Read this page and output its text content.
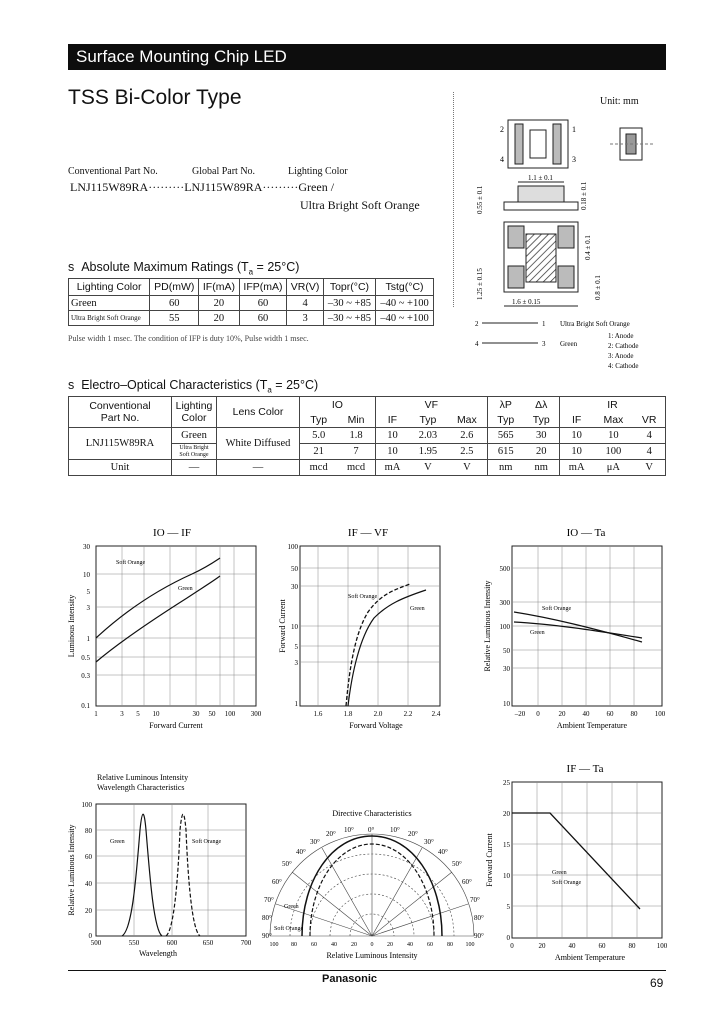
Surface Mounting Chip LED
TSS Bi-Color Type
Conventional Part No.	Global Part No.	Lighting Color
LNJ115W89RA·········LNJ115W89RA·········Green /
Ultra Bright Soft Orange
Unit: mm
2
4
1
3
1.1 ± 0.1
0.55 ± 0.1	0.18 ± 0.1
1.25 ± 0.15
0.4 ± 0.1
0.8 ± 0.1
1.6 ± 0.15
2	1
4	3
Ultra Bright Soft Orange
Green
1: Anode
2: Cathode
3: Anode
4: Cathode
s Absolute Maximum Ratings $(T_a = 25^\circ C)$
Lighting Color	PD(mW)	IF(mA)	IFP(mA)	VR(V)	Topr(°C)	Tstg(°C)
Green	60	20	60	4	–30 ~ +85	–40 ~ +100
Ultra Bright Soft Orange	55	20	60	3	–30 ~ +85	–40 ~ +100
Pulse width 1 msec. The condition of IFP is duty 10%, Pulse width 1 msec.
s Electro–Optical Characteristics $(T_a = 25^\circ C)$
Conventional
Part No.	Lighting
Color	Lens Color	IO		VF			λP	Δλ	IR		
			Typ	Min	IF	Typ	Max	Typ	Typ	IF	Max	VR
LNJ115W89RA	Green	White Diffused	5.0	1.8	10	2.03	2.6	565	30	10	10	4
	Ultra Bright Soft Orange		21	7	10	1.95	2.5	615	20	10	100	4
Unit	—	—	mcd	mcd	mA	V	V	nm	nm	mA	μA	V
IO — IF
30
10
5
3
1
0.5
0.3
0.1
1	3 5 10	30 50 100 300
Luminous Intensity
Forward Current
Soft Orange
Green
IF — VF
100
50
30
10
5
3
1
1.6	1.8	2.0	2.2	2.4
Forward Current
Forward Voltage
Soft Orange
Green
IO — Ta
500
300
100
50
30
10
–20 0	20 40 60 80 100
Relative Luminous Intensity
Ambient Temperature
Soft Orange
Green
Relative Luminous Intensity
Wavelength Characteristics
100
80
60
40
20
0
500	550	600	650	700
Relative Luminous Intensity
Wavelength
Green	Soft Orange
Directive Characteristics
0° 10°
10°	20°
20°
30°
30°
40°
40°
50°
50°
60°
60°
70°
70°
80°
80°
90°
90°
Green
Soft Orange
100 80 60 40 20 0 20 40 60 80 100
Relative Luminous Intensity
IF — Ta
25
20
15
10
5
0
0	20	40	60	80	100
Forward Current
Ambient Temperature
Green
Soft Orange
Panasonic	69
